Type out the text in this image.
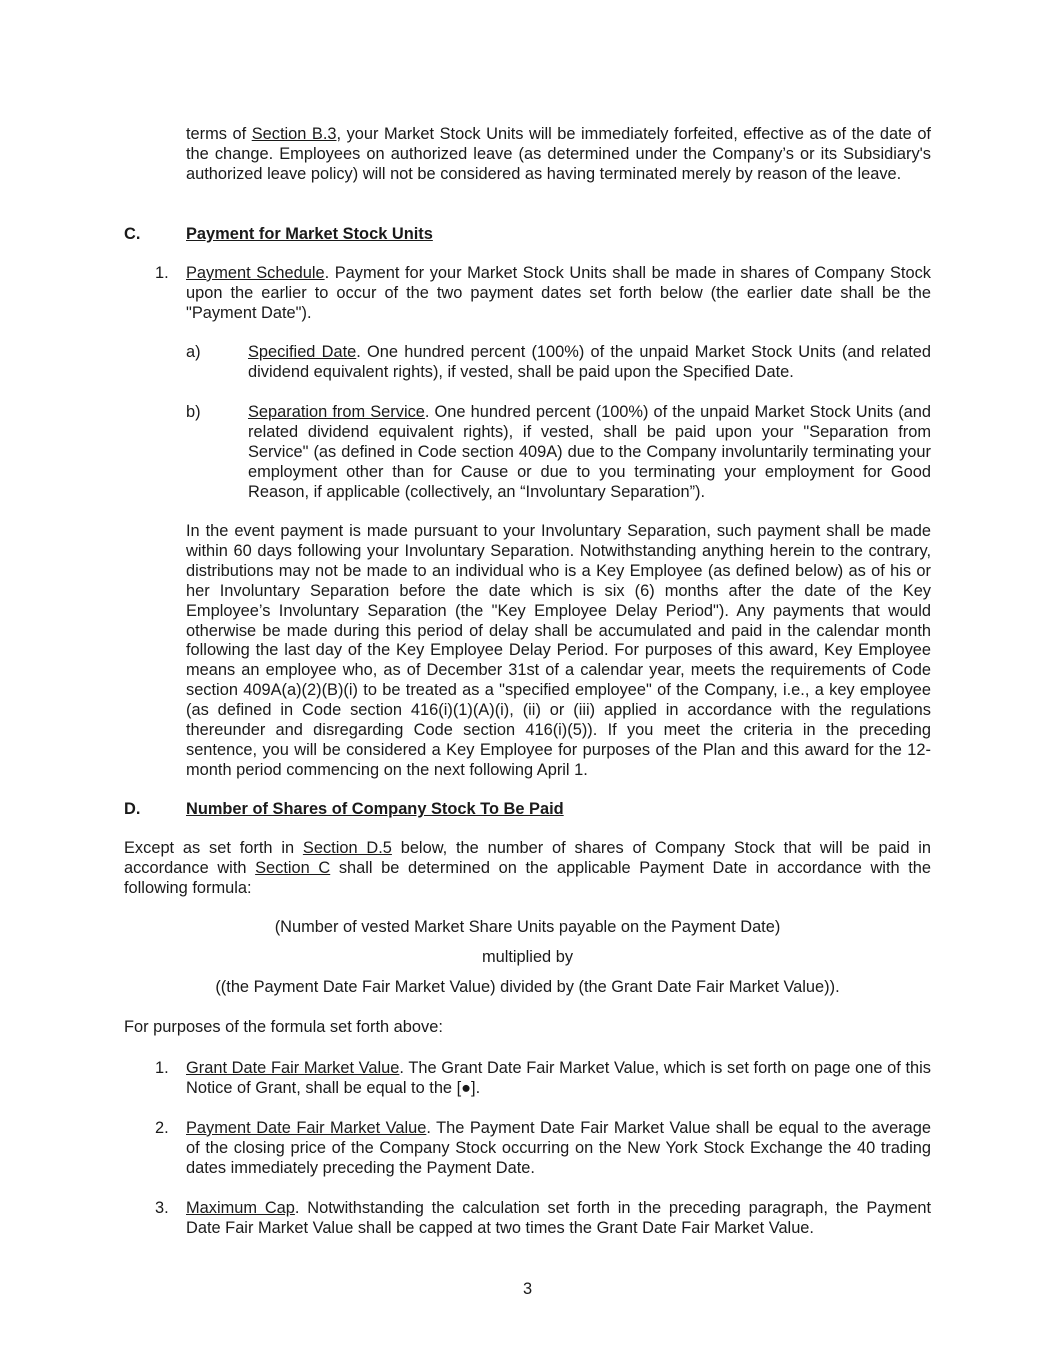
terms of Section B.3, your Market Stock Units will be immediately forfeited, effective as of the date of the change. Employees on authorized leave (as determined under the Company’s or its Subsidiary's authorized leave policy) will not be considered as having terminated merely by reason of the leave.

C.	Payment for Market Stock Units
1. Payment Schedule. Payment for your Market Stock Units shall be made in shares of Company Stock upon the earlier to occur of the two payment dates set forth below (the earlier date shall be the "Payment Date").

a)	Specified Date. One hundred percent (100%) of the unpaid Market Stock Units (and related dividend equivalent rights), if vested, shall be paid upon the Specified Date.

b)	Separation from Service. One hundred percent (100%) of the unpaid Market Stock Units (and related dividend equivalent rights), if vested, shall be paid upon your "Separation from Service" (as defined in Code section 409A) due to the Company involuntarily terminating your employment other than for Cause or due to you terminating your employment for Good Reason, if applicable (collectively, an “Involuntary Separation”).

In the event payment is made pursuant to your Involuntary Separation, such payment shall be made within 60 days following your Involuntary Separation. Notwithstanding anything herein to the contrary, distributions may not be made to an individual who is a Key Employee (as defined below) as of his or her Involuntary Separation before the date which is six (6) months after the date of the Key Employee’s Involuntary Separation (the "Key Employee Delay Period"). Any payments that would otherwise be made during this period of delay shall be accumulated and paid in the calendar month following the last day of the Key Employee Delay Period. For purposes of this award, Key Employee means an employee who, as of December 31st of a calendar year, meets the requirements of Code section 409A(a)(2)(B)(i) to be treated as a "specified employee" of the Company, i.e., a key employee (as defined in Code section 416(i)(1)(A)(i), (ii) or (iii) applied in accordance with the regulations thereunder and disregarding Code section 416(i)(5)). If you meet the criteria in the preceding sentence, you will be considered a Key Employee for purposes of the Plan and this award for the 12-month period commencing on the next following April 1.

D.	Number of Shares of Company Stock To Be Paid

Except as set forth in Section D.5 below, the number of shares of Company Stock that will be paid in accordance with Section C shall be determined on the applicable Payment Date in accordance with the following formula:

(Number of vested Market Share Units payable on the Payment Date)
multiplied by
((the Payment Date Fair Market Value) divided by (the Grant Date Fair Market Value)).

For purposes of the formula set forth above:

1. Grant Date Fair Market Value. The Grant Date Fair Market Value, which is set forth on page one of this Notice of Grant, shall be equal to the [●].

2. Payment Date Fair Market Value. The Payment Date Fair Market Value shall be equal to the average of the closing price of the Company Stock occurring on the New York Stock Exchange the 40 trading dates immediately preceding the Payment Date.

3. Maximum Cap. Notwithstanding the calculation set forth in the preceding paragraph, the Payment Date Fair Market Value shall be capped at two times the Grant Date Fair Market Value.

3
